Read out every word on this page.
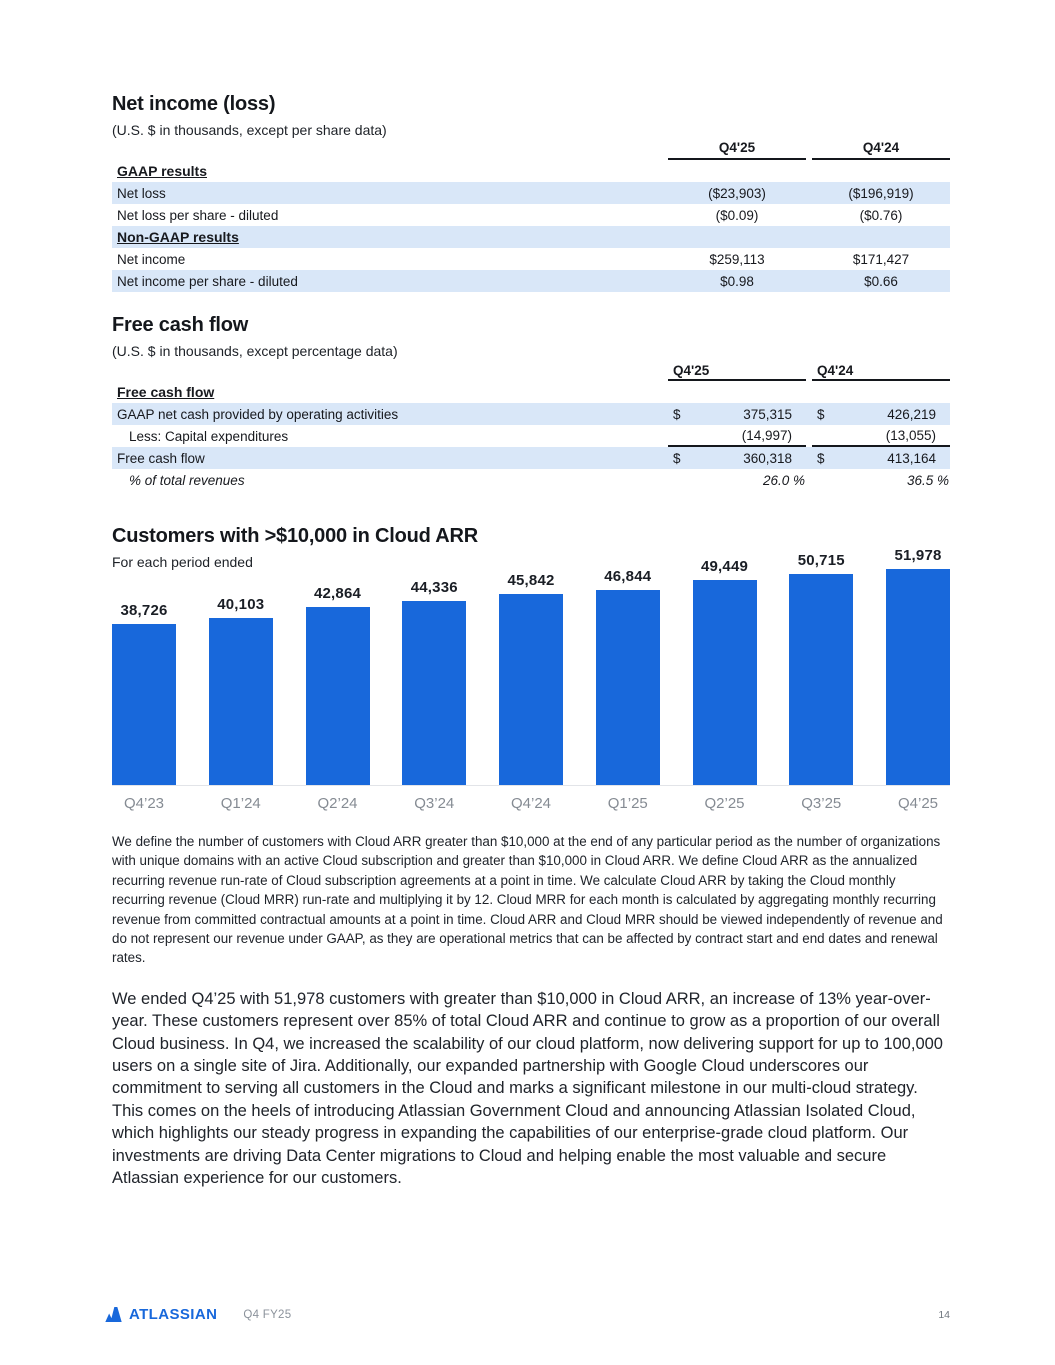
Net income (loss)
(U.S. $ in thousands, except per share data)
Q4'25	Q4'24
GAAP results
Net loss	($23,903)	($196,919)
Net loss per share - diluted	($0.09)	($0.76)
Non-GAAP results
Net income	$259,113	$171,427
Net income per share - diluted	$0.98	$0.66
Free cash flow
(U.S. $ in thousands, except percentage data)
Q4'25	Q4'24
Free cash flow
GAAP net cash provided by operating activities	$	375,315 $	426,219
Less: Capital expenditures	(14,997)	(13,055)
Free cash flow	$	360,318 $	413,164
% of total revenues	26.0 %	36.5 %
Customers with >$10,000 in Cloud ARR
For each period ended
38,726	40,103
42,864	44,336	45,842	46,844
49,449	50,715	51,978
Q4’23	Q1’24	Q2’24	Q3’24	Q4’24	Q1’25	Q2’25	Q3’25	Q4’25

We define the number of customers with Cloud ARR greater than $10,000 at the end of any particular period as the number of organizations with unique domains with an active Cloud subscription and greater than $10,000 in Cloud ARR. We define Cloud ARR as the annualized recurring revenue run-rate of Cloud subscription agreements at a point in time. We calculate Cloud ARR by taking the Cloud monthly recurring revenue (Cloud MRR) run-rate and multiplying it by 12. Cloud MRR for each month is calculated by aggregating monthly recurring revenue from committed contractual amounts at a point in time. Cloud ARR and Cloud MRR should be viewed independently of revenue and do not represent our revenue under GAAP, as they are operational metrics that can be affected by contract start and end dates and renewal rates.

We ended Q4’25 with 51,978 customers with greater than $10,000 in Cloud ARR, an increase of 13% year-over-year. These customers represent over 85% of total Cloud ARR and continue to grow as a proportion of our overall Cloud business. In Q4, we increased the scalability of our cloud platform, now delivering support for up to 100,000 users on a single site of Jira. Additionally, our expanded partnership with Google Cloud underscores our commitment to serving all customers in the Cloud and marks a significant milestone in our multi-cloud strategy. This comes on the heels of introducing Atlassian Government Cloud and announcing Atlassian Isolated Cloud, which highlights our steady progress in expanding the capabilities of our enterprise-grade cloud platform. Our investments are driving Data Center migrations to Cloud and helping enable the most valuable and secure Atlassian experience for our customers.

ATLASSIAN Q4 FY25	14
